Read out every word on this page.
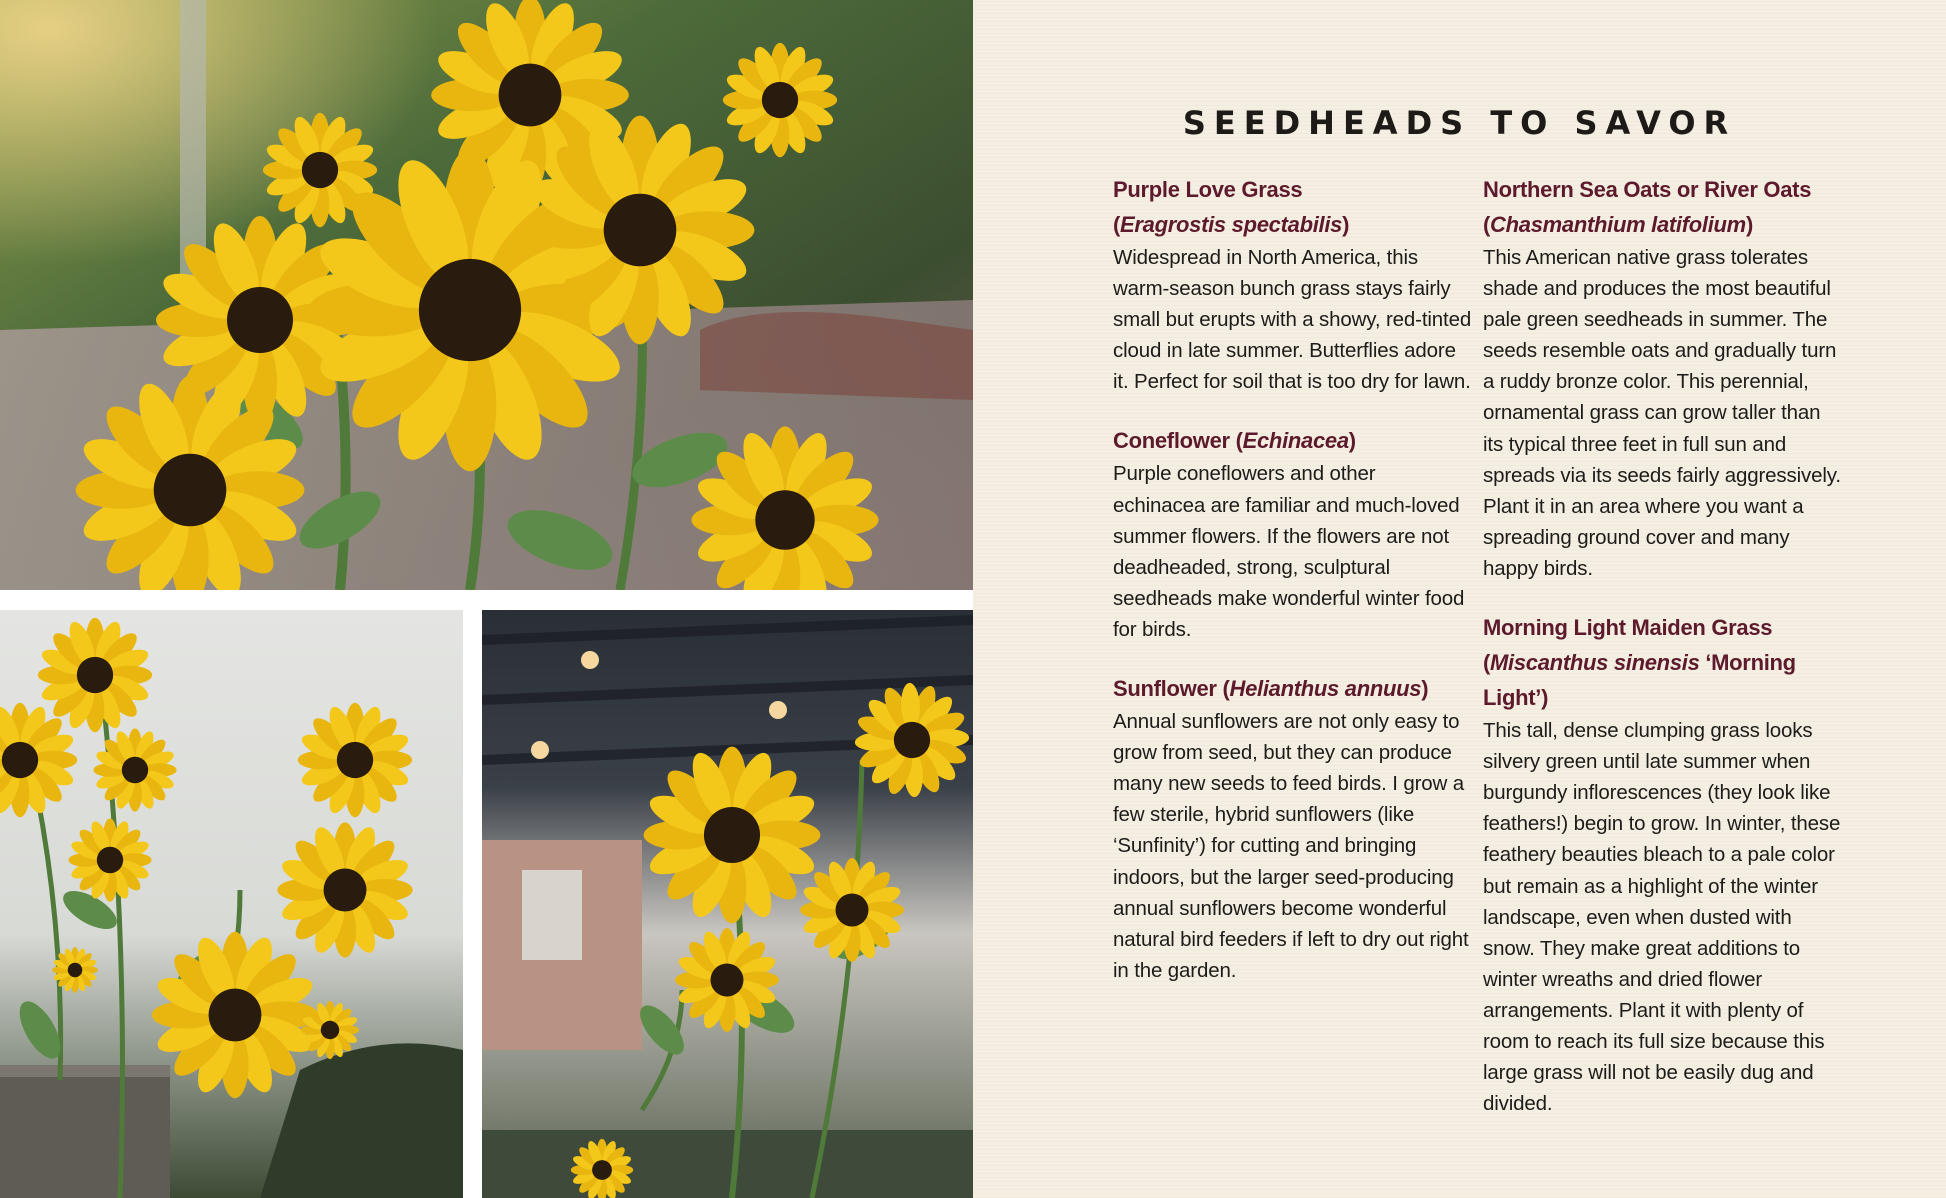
SEEDHEADS TO SAVOR
Purple Love Grass
(Eragrostis spectabilis)
Widespread in North America, this warm-season bunch grass stays fairly small but erupts with a showy, red-tinted cloud in late summer. Butterflies adore it. Perfect for soil that is too dry for lawn.
Coneflower (Echinacea)
Purple coneflowers and other echinacea are familiar and much-loved summer flowers. If the flowers are not deadheaded, strong, sculptural seedheads make wonderful winter food for birds.
Sunflower (Helianthus annuus)
Annual sunflowers are not only easy to grow from seed, but they can produce many new seeds to feed birds. I grow a few sterile, hybrid sunflowers (like ‘Sunfinity’) for cutting and bringing indoors, but the larger seed-producing annual sunflowers become wonderful natural bird feeders if left to dry out right in the garden.
Northern Sea Oats or River Oats
(Chasmanthium latifolium)
This American native grass tolerates shade and produces the most beautiful pale green seedheads in summer. The seeds resemble oats and gradually turn a ruddy bronze color. This perennial, ornamental grass can grow taller than its typical three feet in full sun and spreads via its seeds fairly aggressively. Plant it in an area where you want a spreading ground cover and many happy birds.
Morning Light Maiden Grass
(Miscanthus sinensis ‘Morning Light’)
This tall, dense clumping grass looks silvery green until late summer when burgundy inflorescences (they look like feathers!) begin to grow. In winter, these feathery beauties bleach to a pale color but remain as a highlight of the winter landscape, even when dusted with snow. They make great additions to winter wreaths and dried flower arrangements. Plant it with plenty of room to reach its full size because this large grass will not be easily dug and divided.
